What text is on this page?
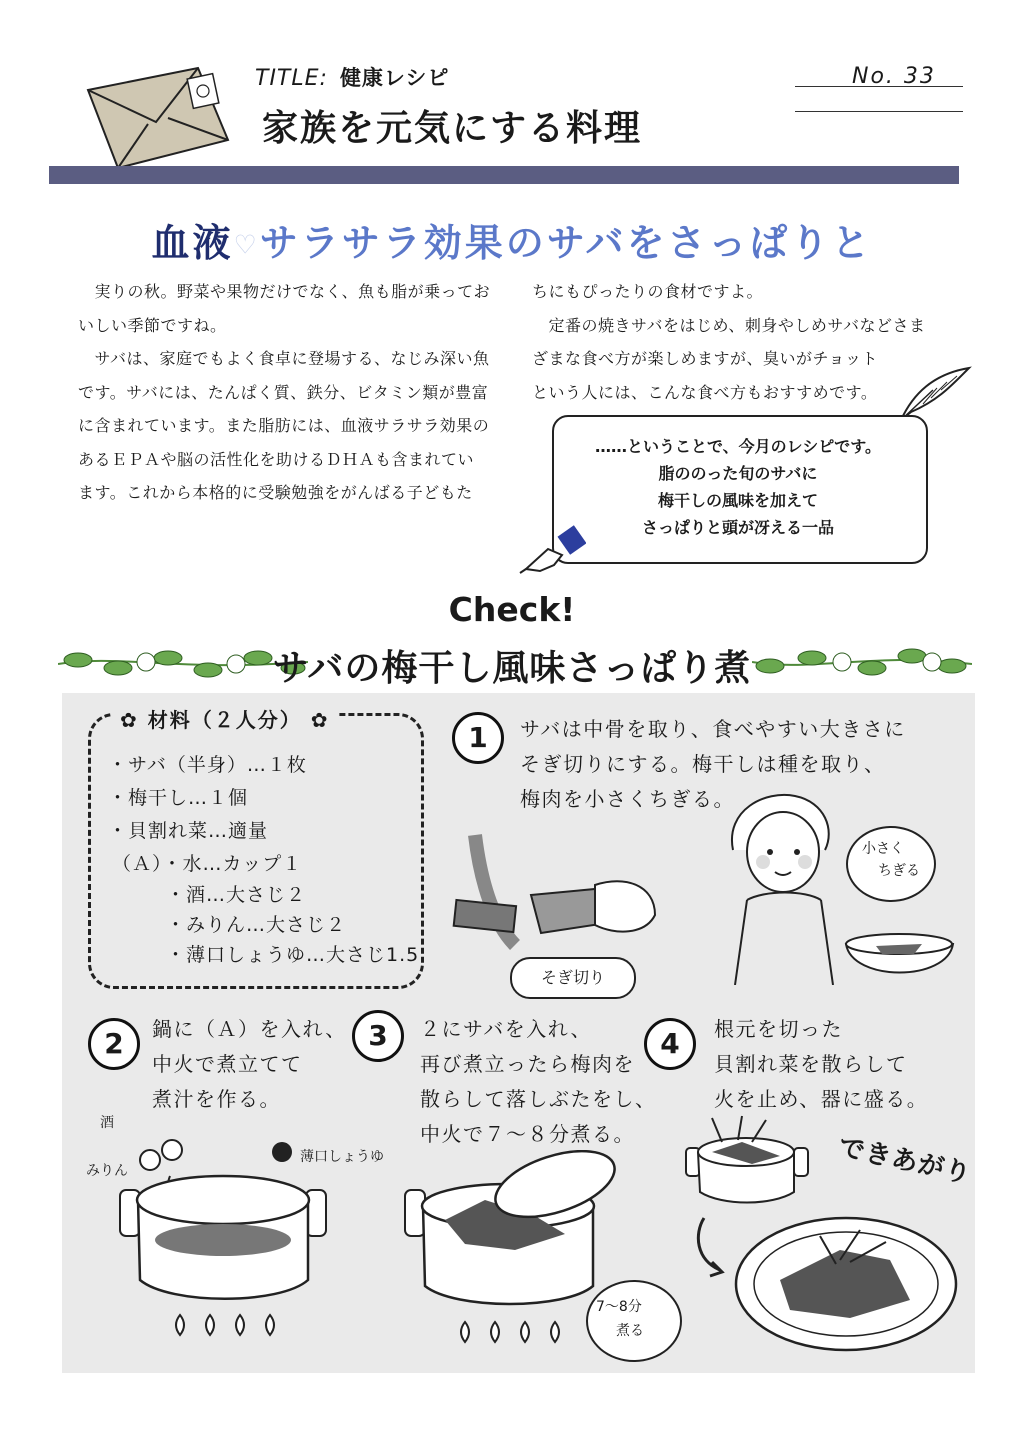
TITLE: 健康レシピ
家族を元気にする料理
No. 33
血液♡サラサラ効果のサバをさっぱりと
　実りの秋。野菜や果物だけでなく、魚も脂が乗ってお
いしい季節ですね。
　サバは、家庭でもよく食卓に登場する、なじみ深い魚
です。サバには、たんぱく質、鉄分、ビタミン類が豊富
に含まれています。また脂肪には、血液サラサラ効果の
あるＥＰＡや脳の活性化を助けるＤＨＡも含まれてい
ます。これから本格的に受験勉強をがんばる子どもた
ちにもぴったりの食材ですよ。
　定番の焼きサバをはじめ、刺身やしめサバなどさま
ざまな食べ方が楽しめますが、臭いがチョット
という人には、こんな食べ方もおすすめです。
……ということで、今月のレシピです。
脂ののった旬のサバに
梅干しの風味を加えて
さっぱりと頭が冴える一品
Check!
サバの梅干し風味さっぱり煮
✿ 材料（２人分） ✿
・サバ（半身）…１枚
・梅干し…１個
・貝割れ菜…適量
（Ａ）・水…カップ１
・酒…大さじ２
・みりん…大さじ２
・薄口しょうゆ…大さじ1.5
1	サバは中骨を取り、食べやすい大きさに
そぎ切りにする。梅干しは種を取り、
梅肉を小さくちぎる。
そぎ切り
小さく
ちぎる
2	鍋に（Ａ）を入れ、
中火で煮立てて
煮汁を作る。
酒
みりん
薄口しょうゆ
3	２にサバを入れ、
再び煮立ったら梅肉を
散らして落しぶたをし、
中火で７～８分煮る。
7～8分
煮る
4	根元を切った
貝割れ菜を散らして
火を止め、器に盛る。
できあがり
